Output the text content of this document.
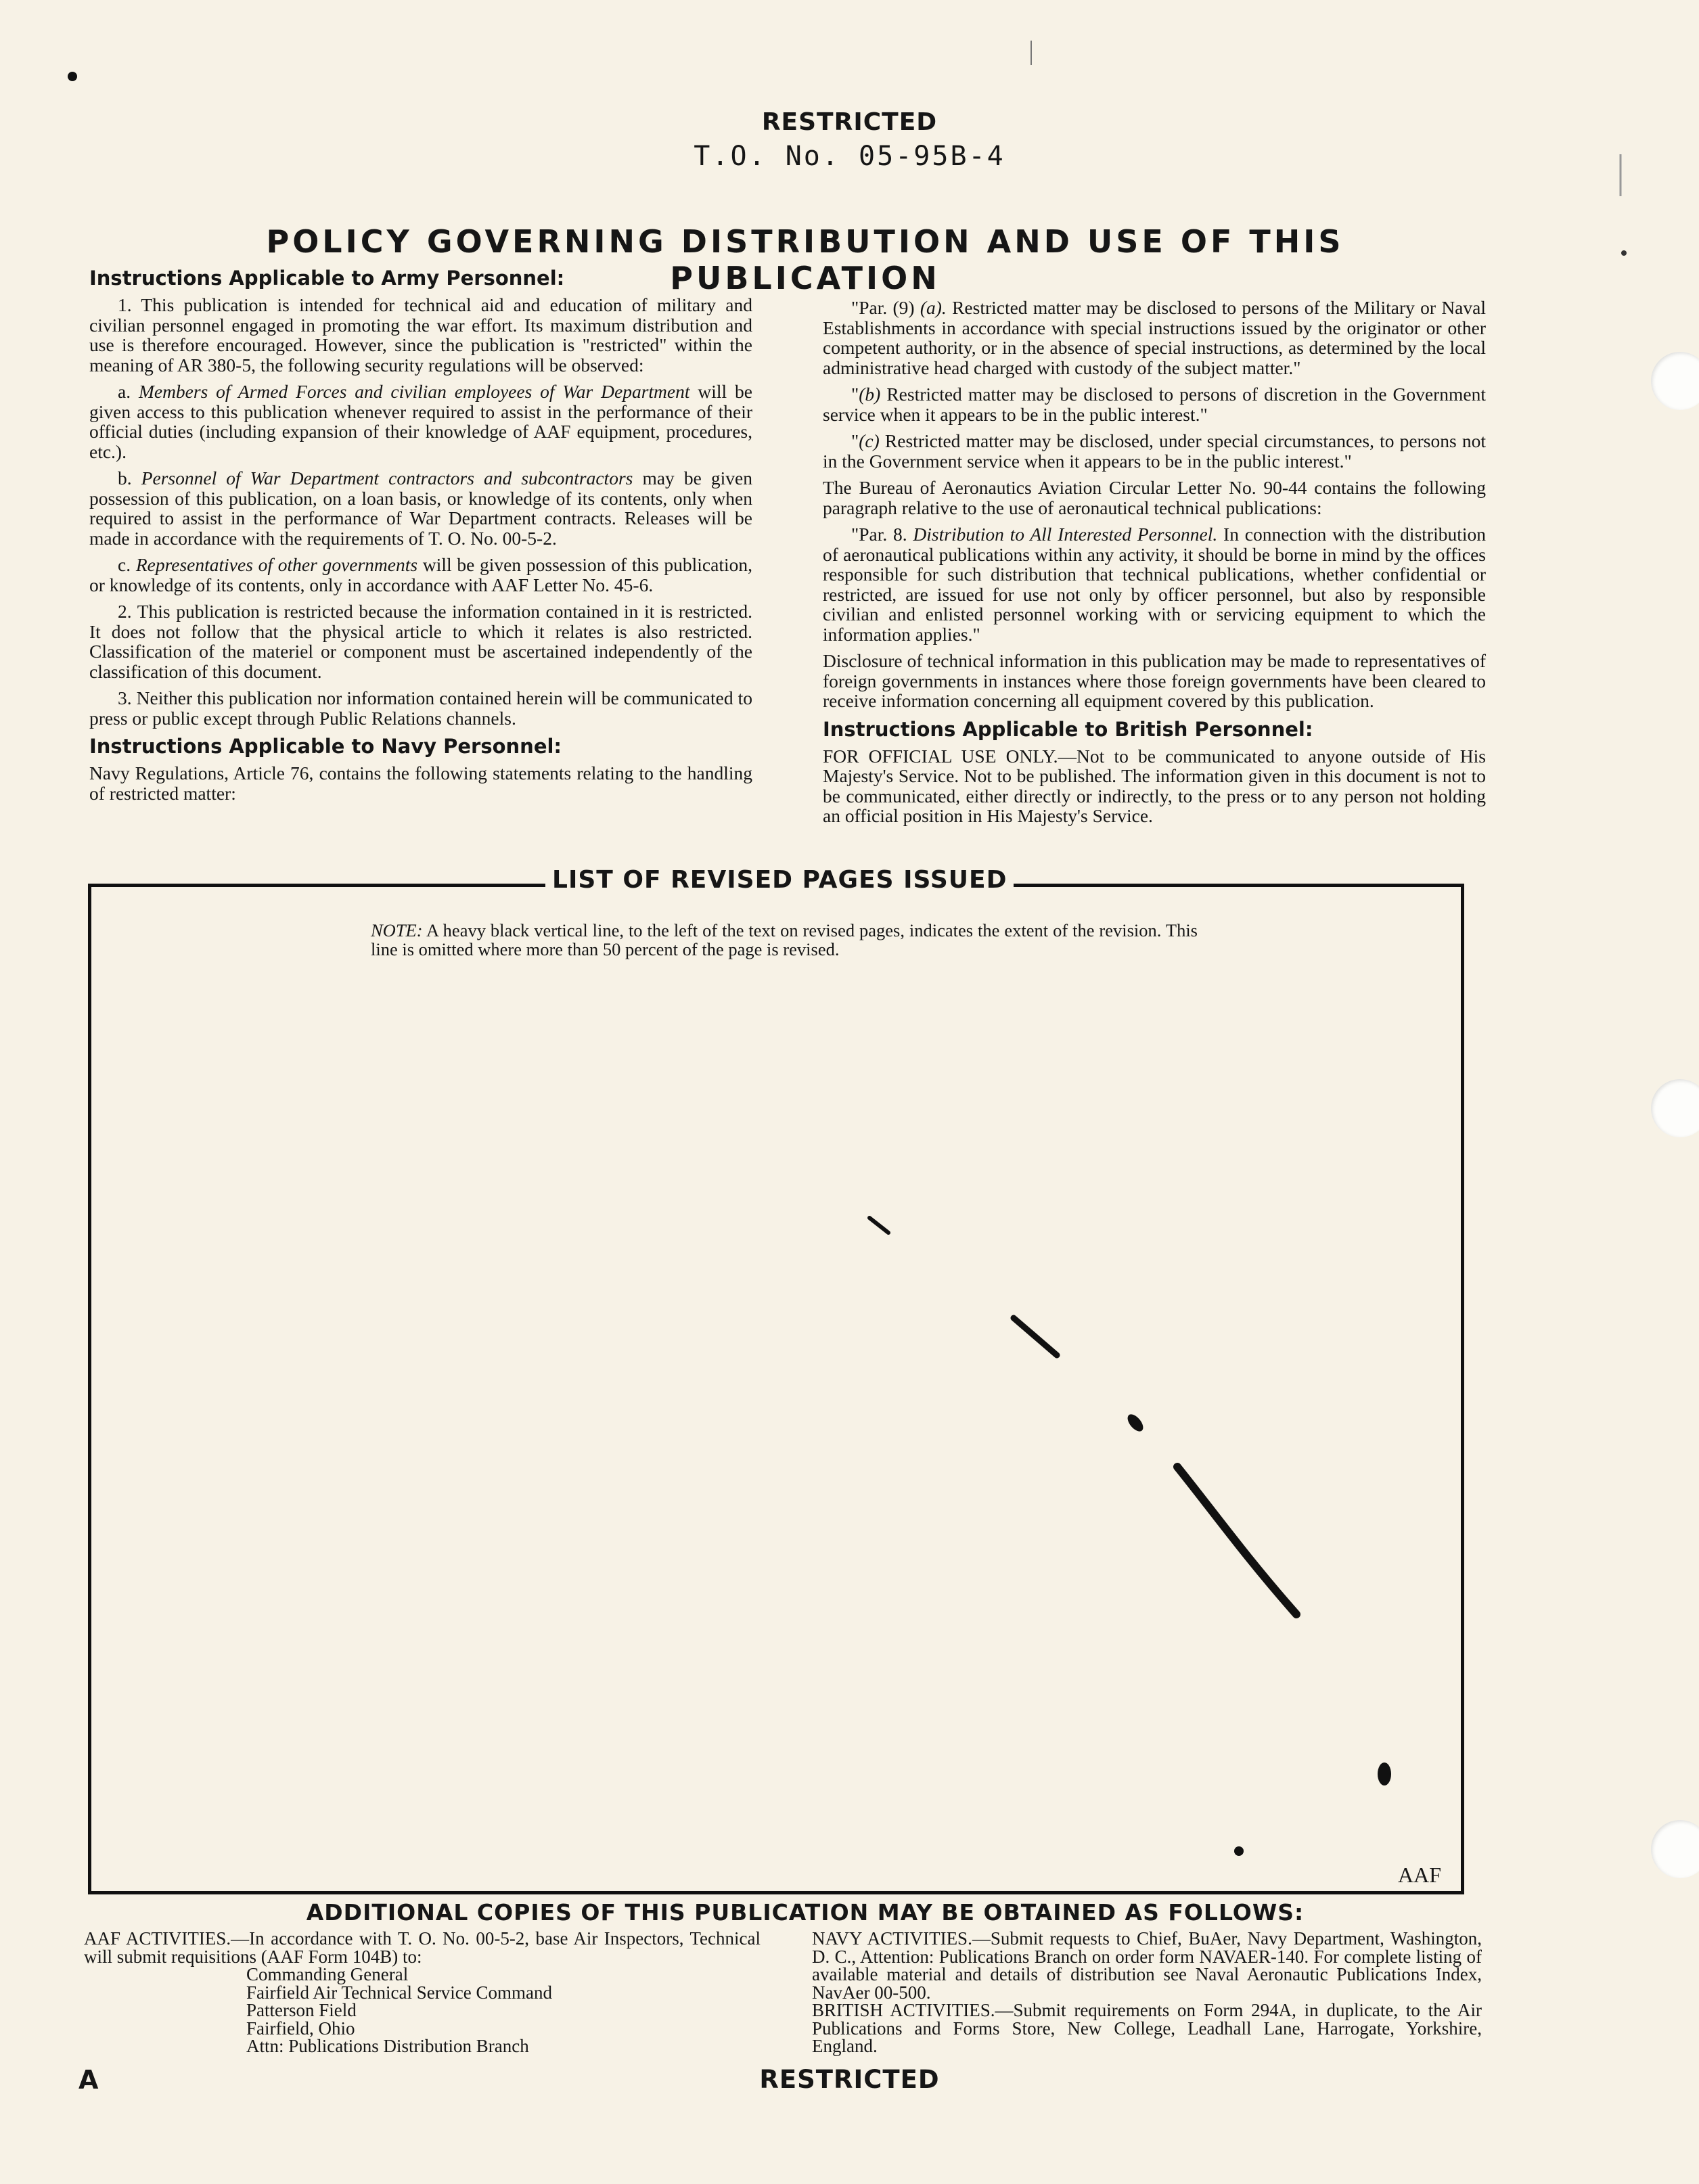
RESTRICTED
T.O. No. 05-95B-4
POLICY GOVERNING DISTRIBUTION AND USE OF THIS PUBLICATION
Instructions Applicable to Army Personnel:

1. This publication is intended for technical aid and education of military and civilian personnel engaged in promoting the war effort. Its maximum distribution and use is therefore encouraged. However, since the publication is "restricted" within the meaning of AR 380-5, the following security regulations will be observed:

a. Members of Armed Forces and civilian employees of War Department will be given access to this publication whenever required to assist in the performance of their official duties (including expansion of their knowledge of AAF equipment, procedures, etc.).

b. Personnel of War Department contractors and subcontractors may be given possession of this publication, on a loan basis, or knowledge of its contents, only when required to assist in the performance of War Department contracts. Releases will be made in accordance with the requirements of T. O. No. 00-5-2.

c. Representatives of other governments will be given possession of this publication, or knowledge of its contents, only in accordance with AAF Letter No. 45-6.

2. This publication is restricted because the information contained in it is restricted. It does not follow that the physical article to which it relates is also restricted. Classification of the materiel or component must be ascertained independently of the classification of this document.

3. Neither this publication nor information contained herein will be communicated to press or public except through Public Relations channels.

Instructions Applicable to Navy Personnel:

Navy Regulations, Article 76, contains the following statements relating to the handling of restricted matter:

"Par. (9) (a). Restricted matter may be disclosed to persons of the Military or Naval Establishments in accordance with special instructions issued by the originator or other competent authority, or in the absence of special instructions, as determined by the local administrative head charged with custody of the subject matter."

"(b) Restricted matter may be disclosed to persons of discretion in the Government service when it appears to be in the public interest."

"(c) Restricted matter may be disclosed, under special circumstances, to persons not in the Government service when it appears to be in the public interest."

The Bureau of Aeronautics Aviation Circular Letter No. 90-44 contains the following paragraph relative to the use of aeronautical technical publications:

"Par. 8. Distribution to All Interested Personnel. In connection with the distribution of aeronautical publications within any activity, it should be borne in mind by the offices responsible for such distribution that technical publications, whether confidential or restricted, are issued for use not only by officer personnel, but also by responsible civilian and enlisted personnel working with or servicing equipment to which the information applies."

Disclosure of technical information in this publication may be made to representatives of foreign governments in instances where those foreign governments have been cleared to receive information concerning all equipment covered by this publication.

Instructions Applicable to British Personnel:

FOR OFFICIAL USE ONLY.—Not to be communicated to anyone outside of His Majesty's Service. Not to be published. The information given in this document is not to be communicated, either directly or indirectly, to the press or to any person not holding an official position in His Majesty's Service.

LIST OF REVISED PAGES ISSUED
NOTE: A heavy black vertical line, to the left of the text on revised pages, indicates the extent of the revision. This line is omitted where more than 50 percent of the page is revised.
AAF
ADDITIONAL COPIES OF THIS PUBLICATION MAY BE OBTAINED AS FOLLOWS:

AAF ACTIVITIES.—In accordance with T. O. No. 00-5-2, base Air Inspectors, Technical will submit requisitions (AAF Form 104B) to:

Commanding General
Fairfield Air Technical Service Command
Patterson Field
Fairfield, Ohio
Attn: Publications Distribution Branch

NAVY ACTIVITIES.—Submit requests to Chief, BuAer, Navy Department, Washington, D. C., Attention: Publications Branch on order form NAVAER-140. For complete listing of available material and details of distribution see Naval Aeronautic Publications Index, NavAer 00-500.

BRITISH ACTIVITIES.—Submit requirements on Form 294A, in duplicate, to the Air Publications and Forms Store, New College, Leadhall Lane, Harrogate, Yorkshire, England.

A	RESTRICTED
